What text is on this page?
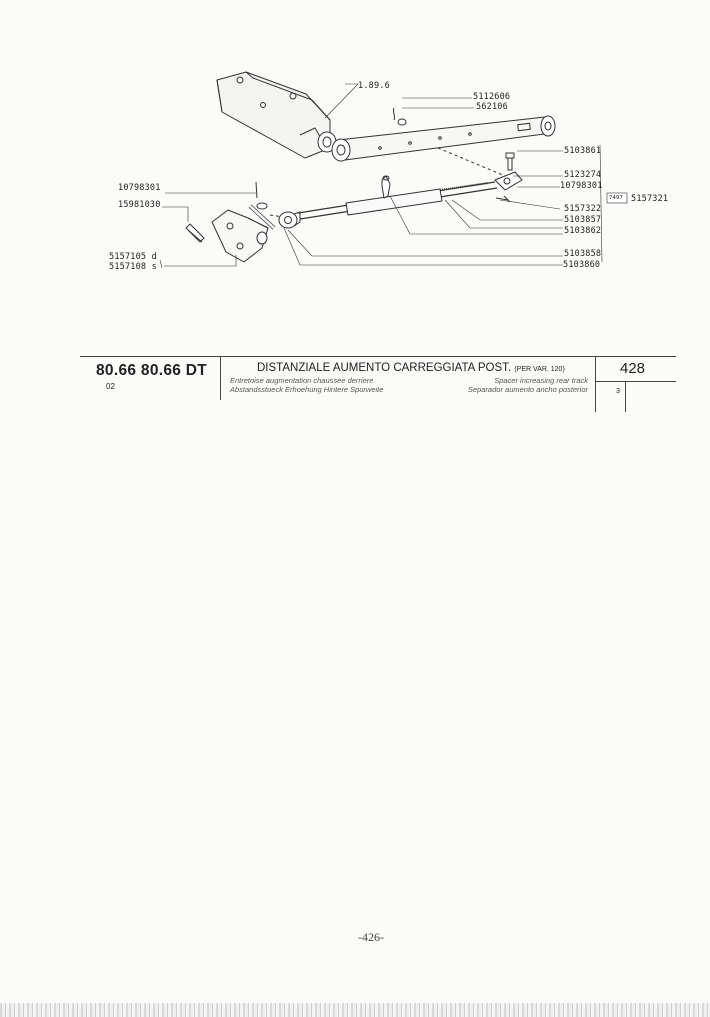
1.89.6
5112606
562106
5103861
5123274
10798301
7497 5157321
5157322
5103857
5103862
5103858
5103860
10798301
15981030
5157105 d
5157108 s
80.66 80.66 DT
02
DISTANZIALE AUMENTO CARREGGIATA POST. (PER VAR. 120)
Entretoise augmentation chaussee derriere
Abstandsstueck Erhoehung Hintere Spurweite
Spacer increasing rear track
Separador aumento ancho posterior
428
3
-426-
